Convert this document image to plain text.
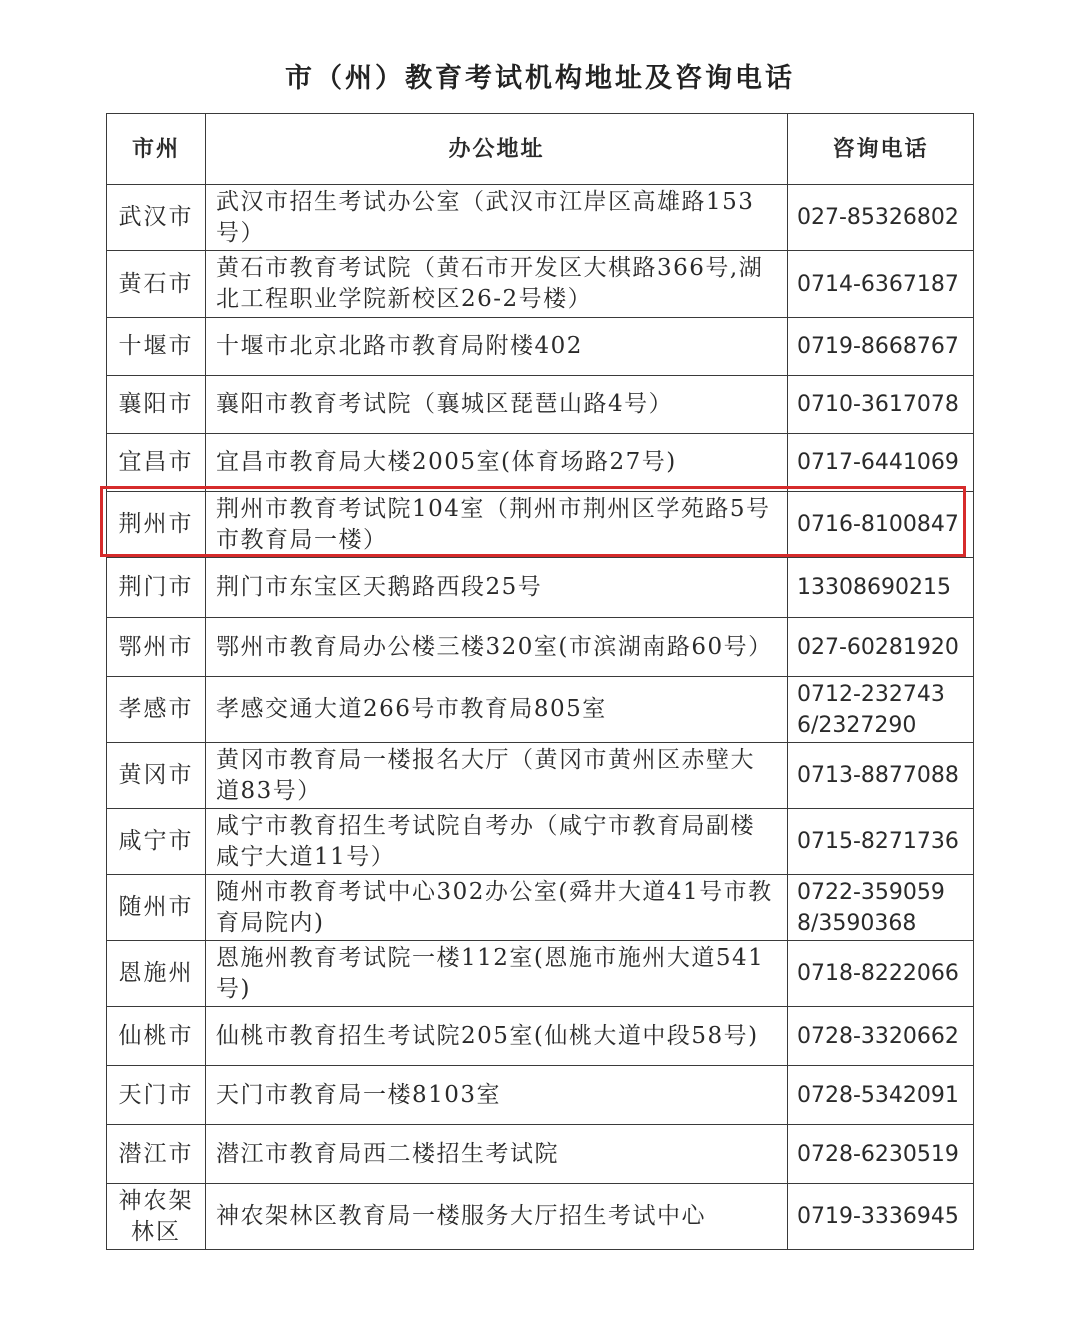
市（州）教育考试机构地址及咨询电话
市州	办公地址	咨询电话
武汉市	武汉市招生考试办公室（武汉市江岸区高雄路153号）	027-85326802
黄石市	黄石市教育考试院（黄石市开发区大棋路366号,湖北工程职业学院新校区26-2号楼）	0714-6367187
十堰市	十堰市北京北路市教育局附楼402	0719-8668767
襄阳市	襄阳市教育考试院（襄城区琵琶山路4号）	0710-3617078
宜昌市	宜昌市教育局大楼2005室(体育场路27号)	0717-6441069
荆州市	荆州市教育考试院104室（荆州市荆州区学苑路5号市教育局一楼）	0716-8100847
荆门市	荆门市东宝区天鹅路西段25号	13308690215
鄂州市	鄂州市教育局办公楼三楼320室(市滨湖南路60号）	027-60281920
孝感市	孝感交通大道266号市教育局805室	0712-2327436/2327290
黄冈市	黄冈市教育局一楼报名大厅（黄冈市黄州区赤壁大道83号）	0713-8877088
咸宁市	咸宁市教育招生考试院自考办（咸宁市教育局副楼咸宁大道11号）	0715-8271736
随州市	随州市教育考试中心302办公室(舜井大道41号市教育局院内)	0722-3590598/3590368
恩施州	恩施州教育考试院一楼112室(恩施市施州大道541号)	0718-8222066
仙桃市	仙桃市教育招生考试院205室(仙桃大道中段58号)	0728-3320662
天门市	天门市教育局一楼8103室	0728-5342091
潜江市	潜江市教育局西二楼招生考试院	0728-6230519
神农架林区	神农架林区教育局一楼服务大厅招生考试中心	0719-3336945
